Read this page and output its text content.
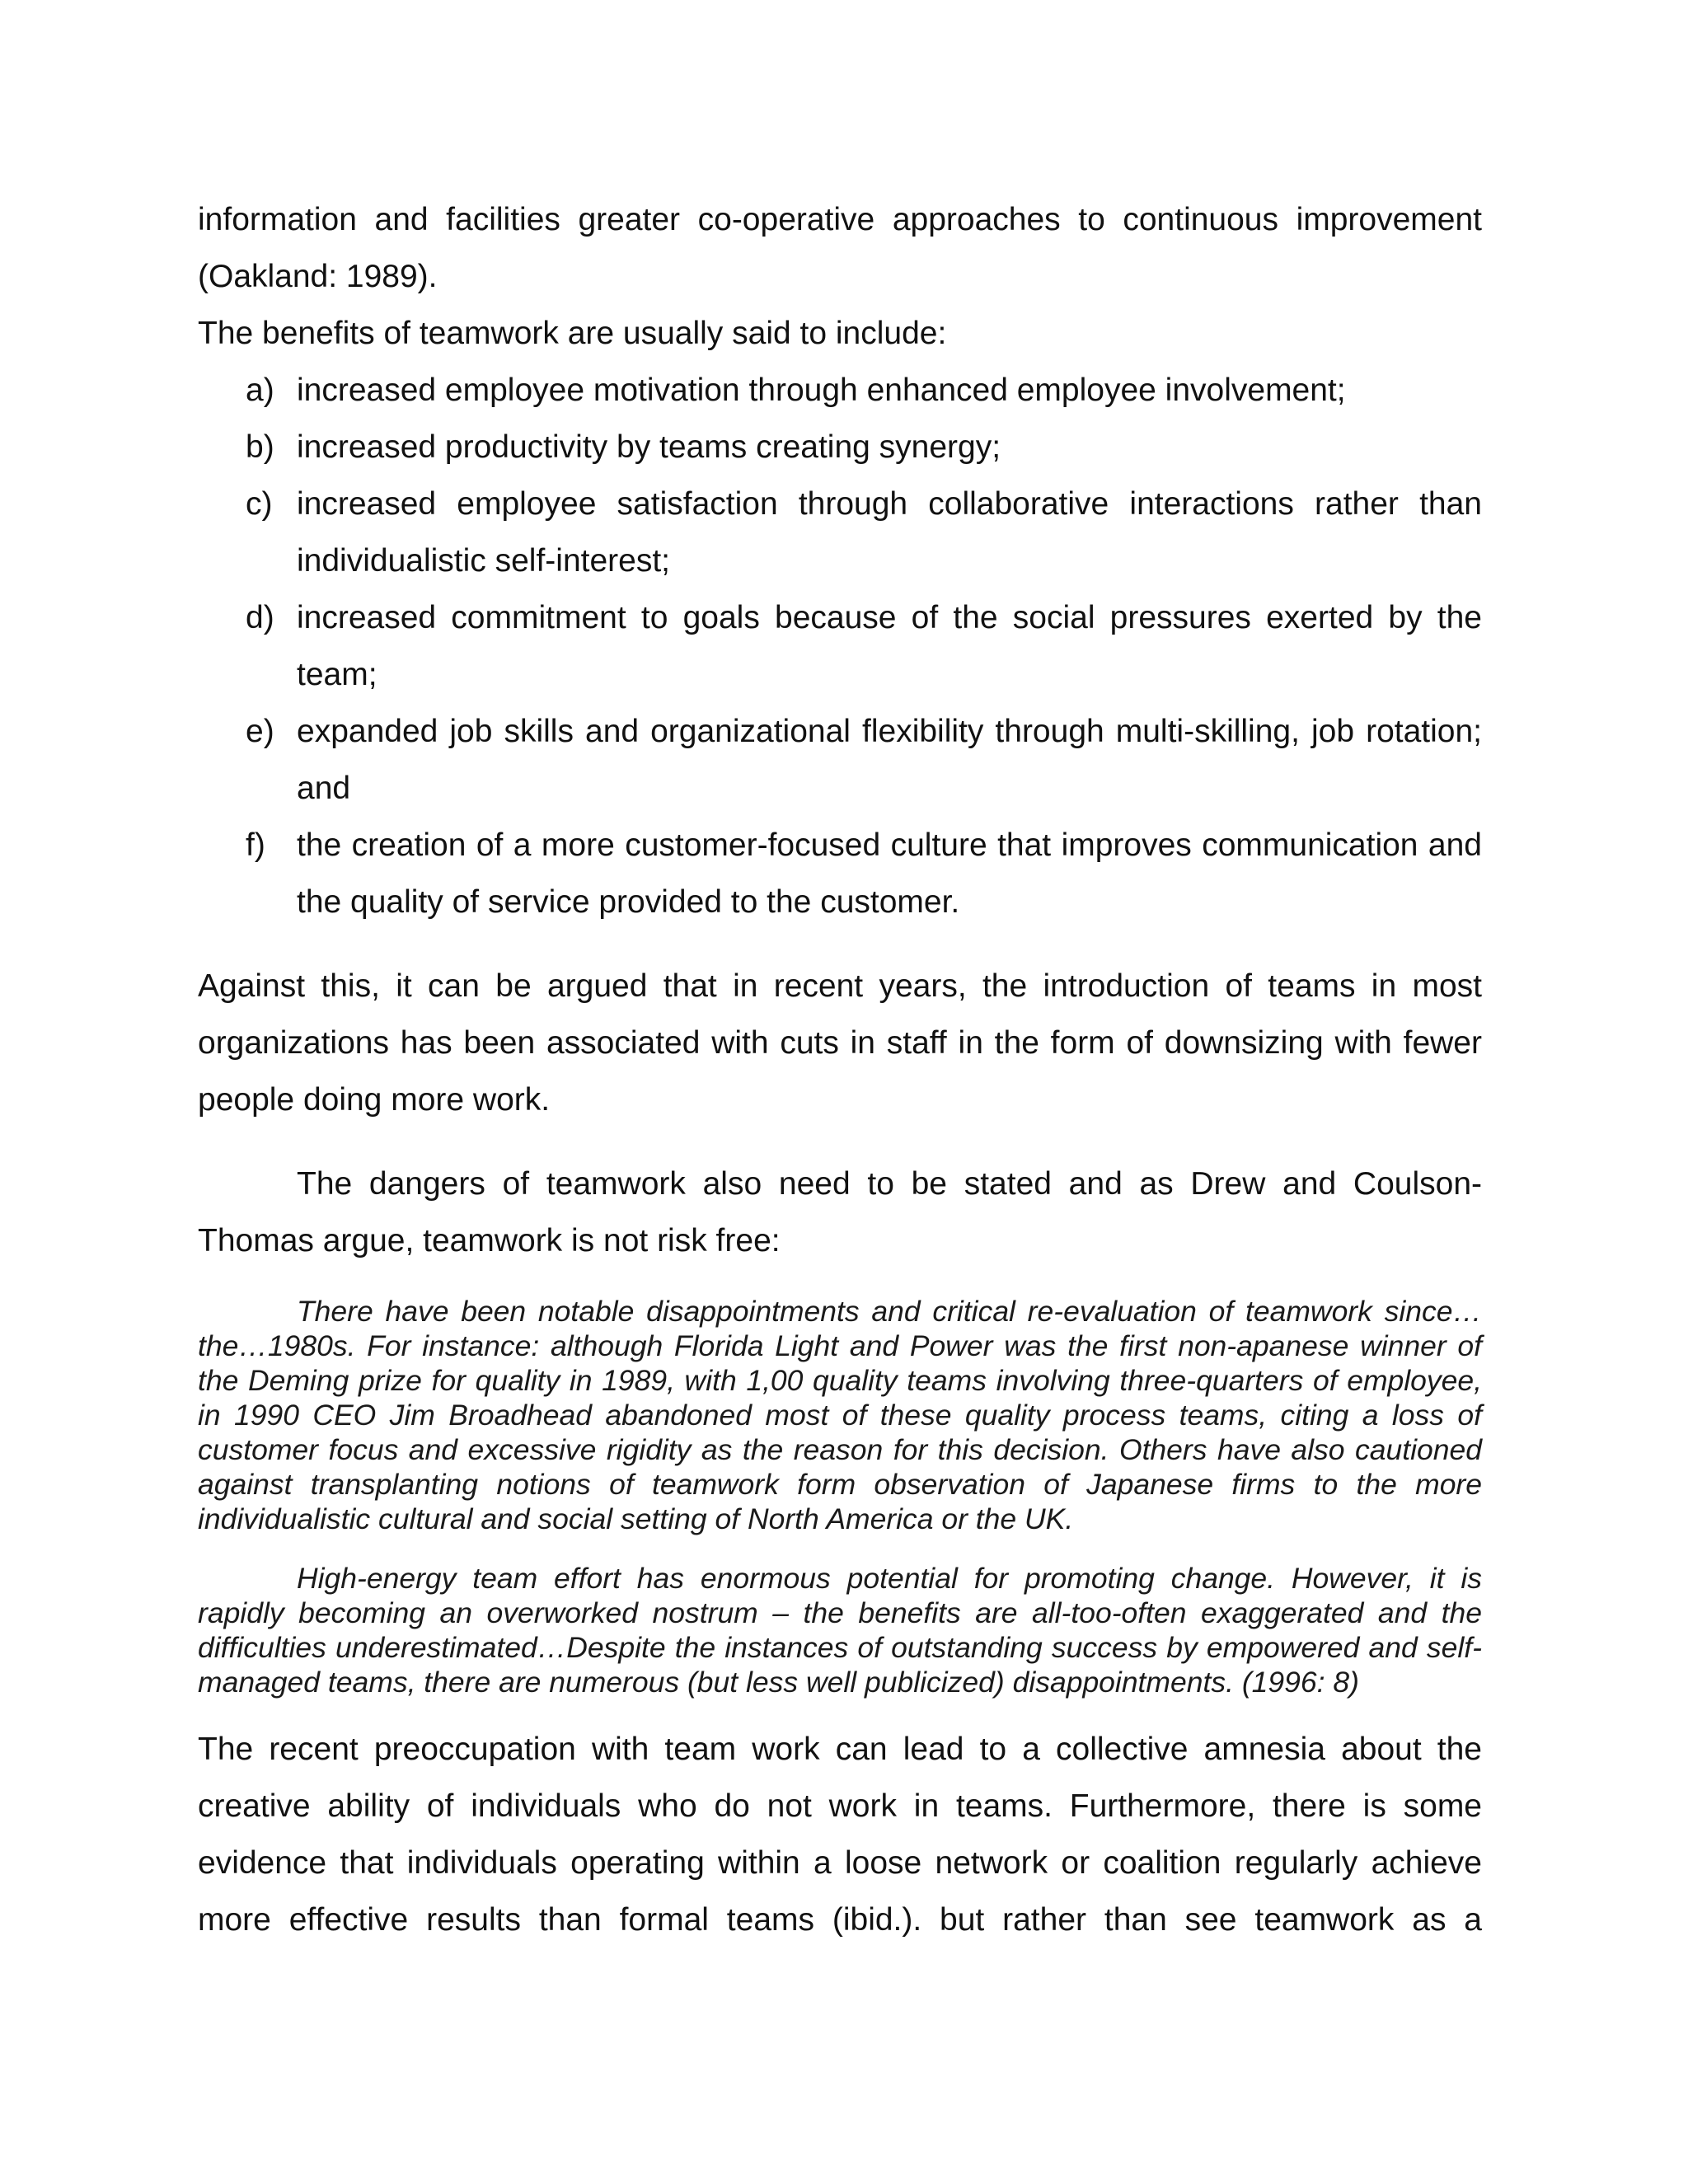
information and facilities greater co-operative approaches to continuous improvement (Oakland: 1989).

The benefits of teamwork are usually said to include:

a) increased employee motivation through enhanced employee involvement;
b) increased productivity by teams creating synergy;
c) increased employee satisfaction through collaborative interactions rather than individualistic self-interest;
d) increased commitment to goals because of the social pressures exerted by the team;
e) expanded job skills and organizational flexibility through multi-skilling, job rotation; and
f) the creation of a more customer-focused culture that improves communication and the quality of service provided to the customer.

Against this, it can be argued that in recent years, the introduction of teams in most organizations has been associated with cuts in staff in the form of downsizing with fewer people doing more work.

The dangers of teamwork also need to be stated and as Drew and Coulson-Thomas argue, teamwork is not risk free:

There have been notable disappointments and critical re-evaluation of teamwork since…the…1980s. For instance: although Florida Light and Power was the first non-apanese winner of the Deming prize for quality in 1989, with 1,00 quality teams involving three-quarters of employee, in 1990 CEO Jim Broadhead abandoned most of these quality process teams, citing a loss of customer focus and excessive rigidity as the reason for this decision. Others have also cautioned against transplanting notions of teamwork form observation of Japanese firms to the more individualistic cultural and social setting of North America or the UK.

High-energy team effort has enormous potential for promoting change. However, it is rapidly becoming an overworked nostrum – the benefits are all-too-often exaggerated and the difficulties underestimated…Despite the instances of outstanding success by empowered and self-managed teams, there are numerous (but less well publicized) disappointments. (1996: 8)

The recent preoccupation with team work can lead to a collective amnesia about the creative ability of individuals who do not work in teams. Furthermore, there is some evidence that individuals operating within a loose network or coalition regularly achieve more effective results than formal teams (ibid.). but rather than see teamwork as a
